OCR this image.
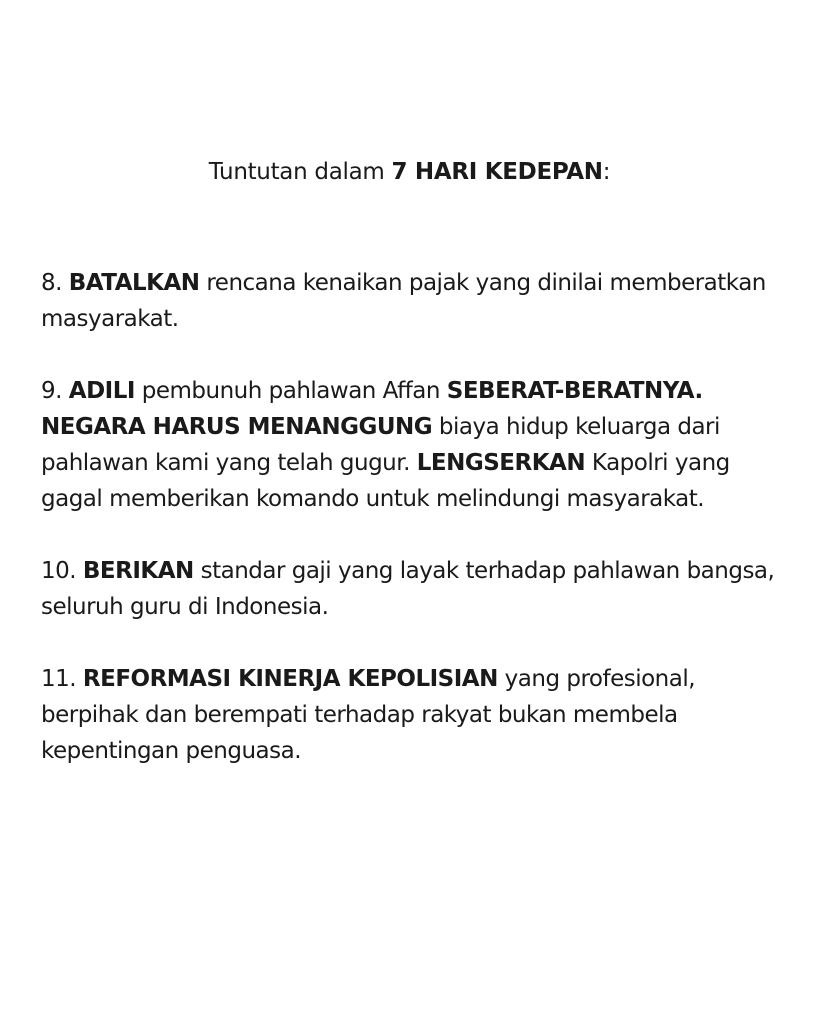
Tuntutan dalam 7 HARI KEDEPAN:

8. BATALKAN rencana kenaikan pajak yang dinilai memberatkan masyarakat.

9. ADILI pembunuh pahlawan Affan SEBERAT-BERATNYA. NEGARA HARUS MENANGGUNG biaya hidup keluarga dari pahlawan kami yang telah gugur. LENGSERKAN Kapolri yang gagal memberikan komando untuk melindungi masyarakat.

10. BERIKAN standar gaji yang layak terhadap pahlawan bangsa, seluruh guru di Indonesia.

11. REFORMASI KINERJA KEPOLISIAN yang profesional, berpihak dan berempati terhadap rakyat bukan membela kepentingan penguasa.
